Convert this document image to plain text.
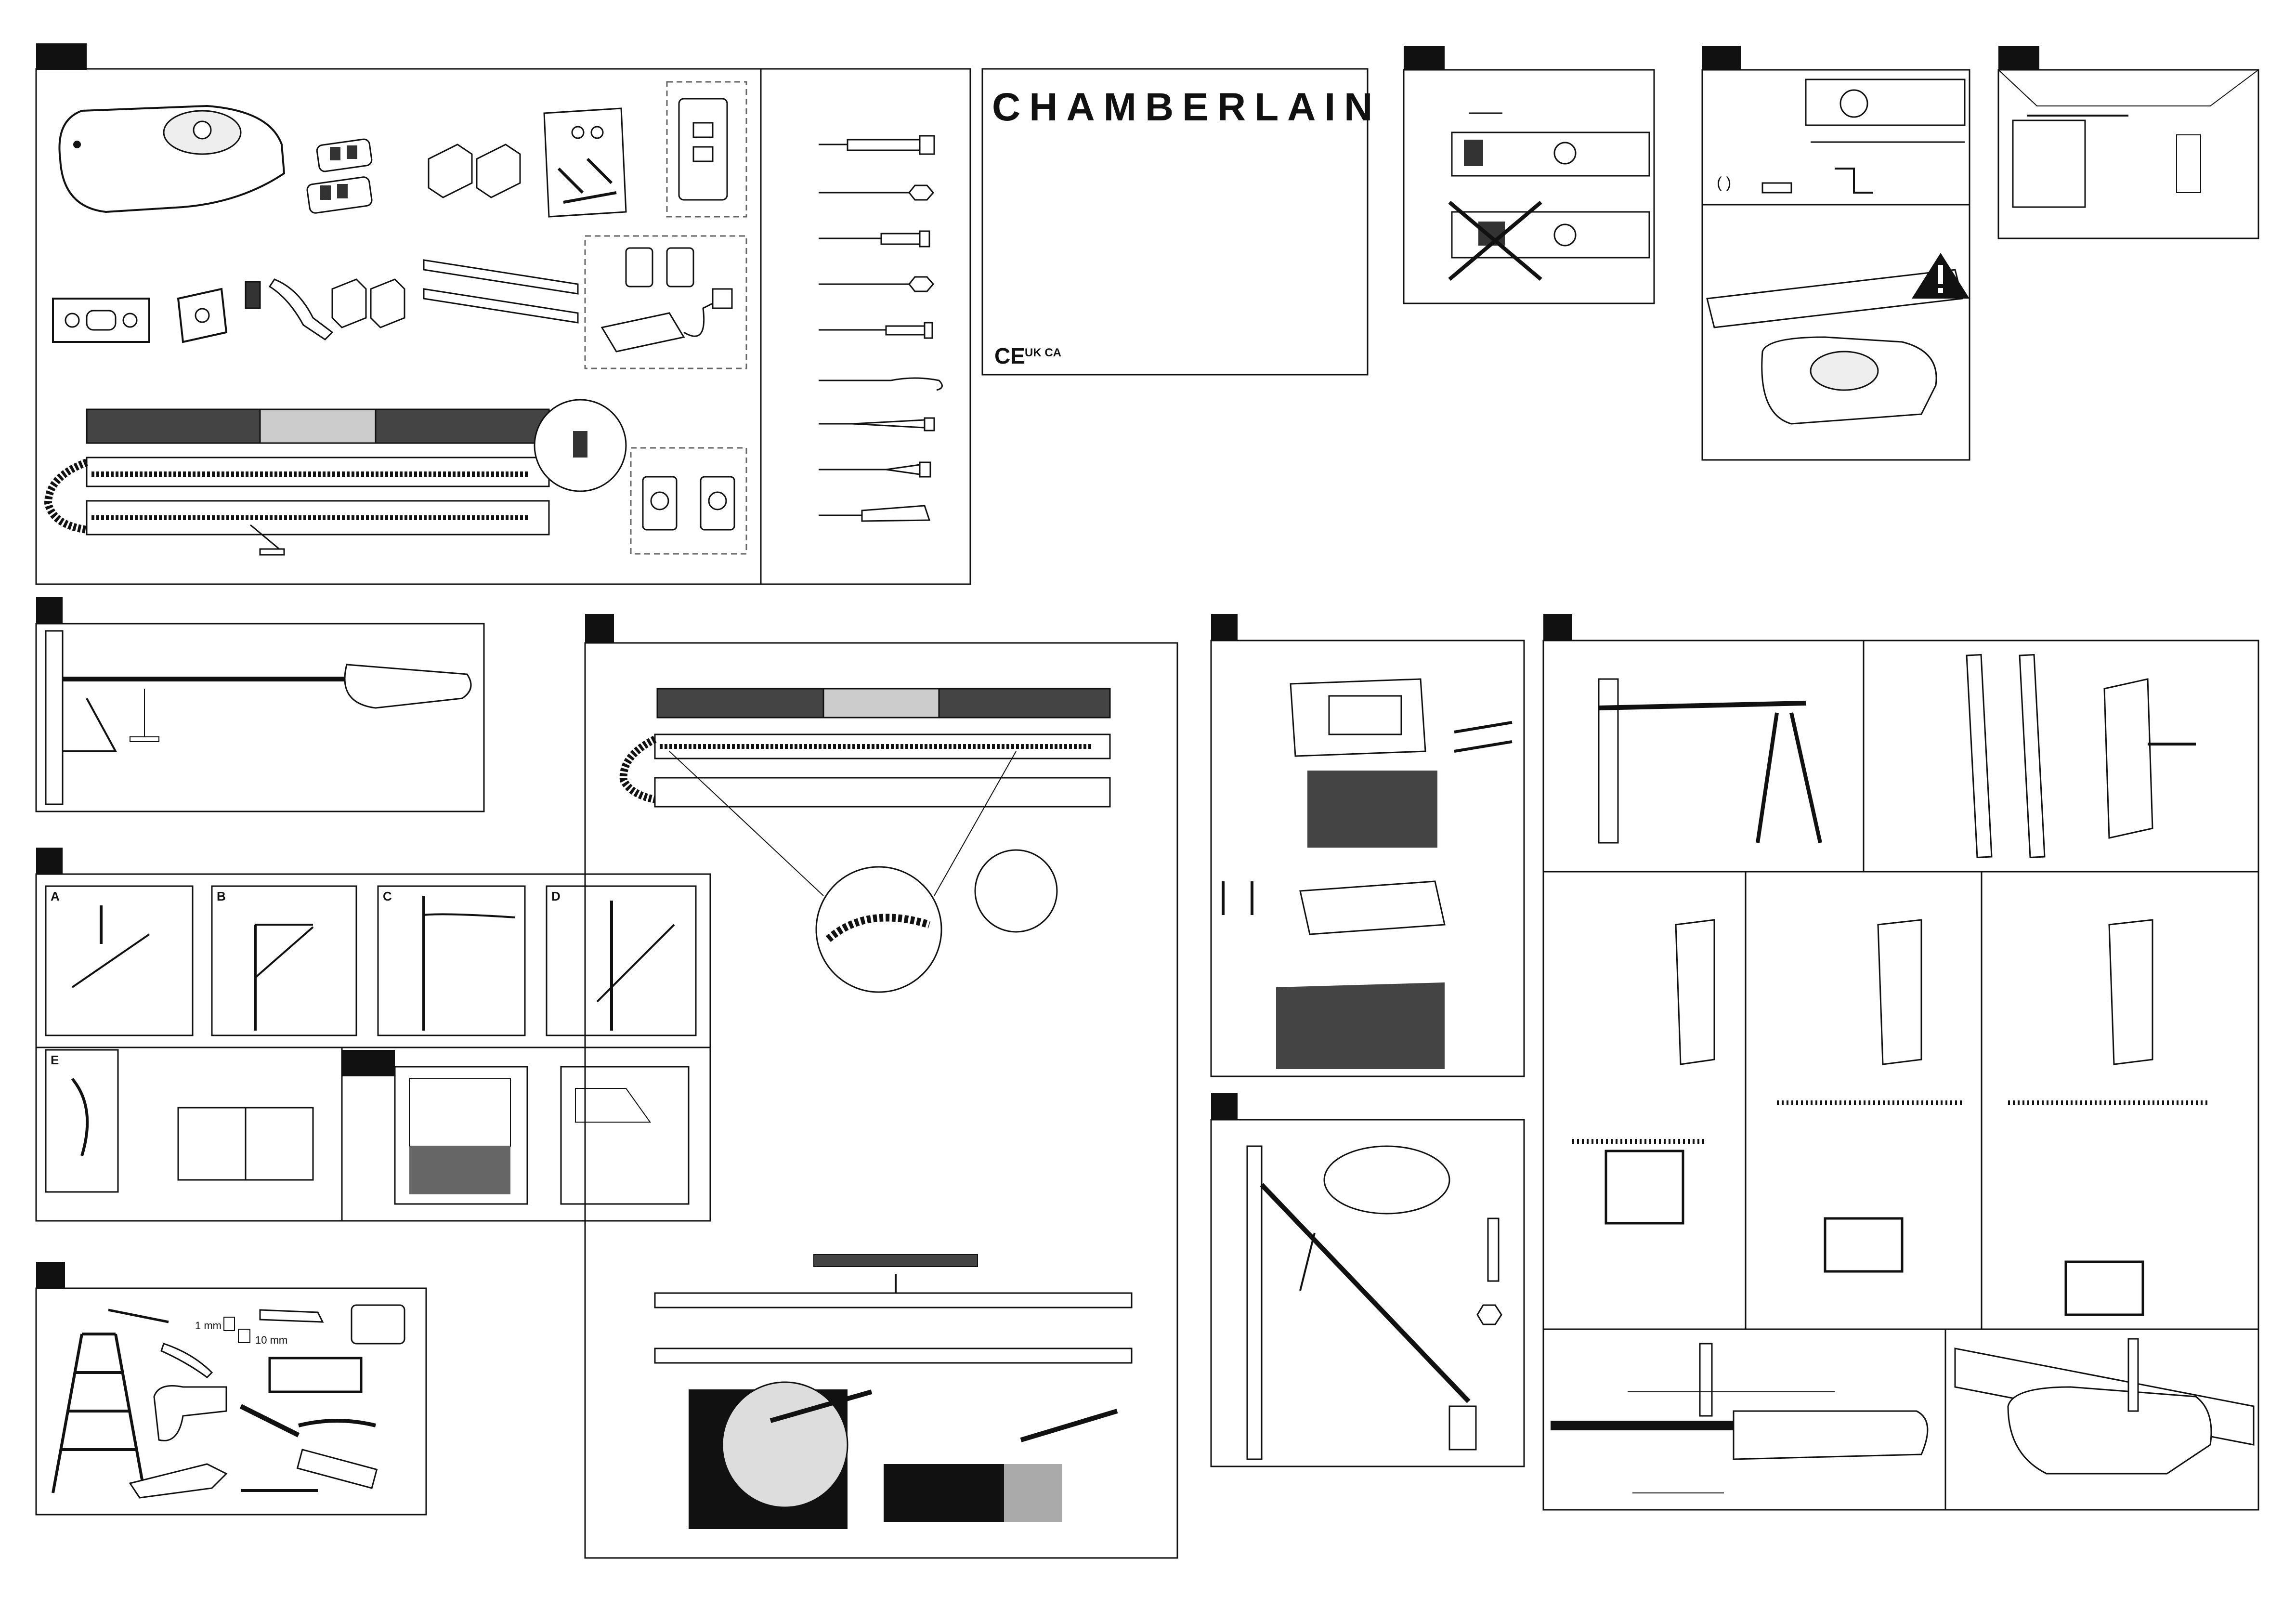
CHAMBERLAIN
CE UK CA
( )
A	B	C	D
E
1 mm
10 mm
